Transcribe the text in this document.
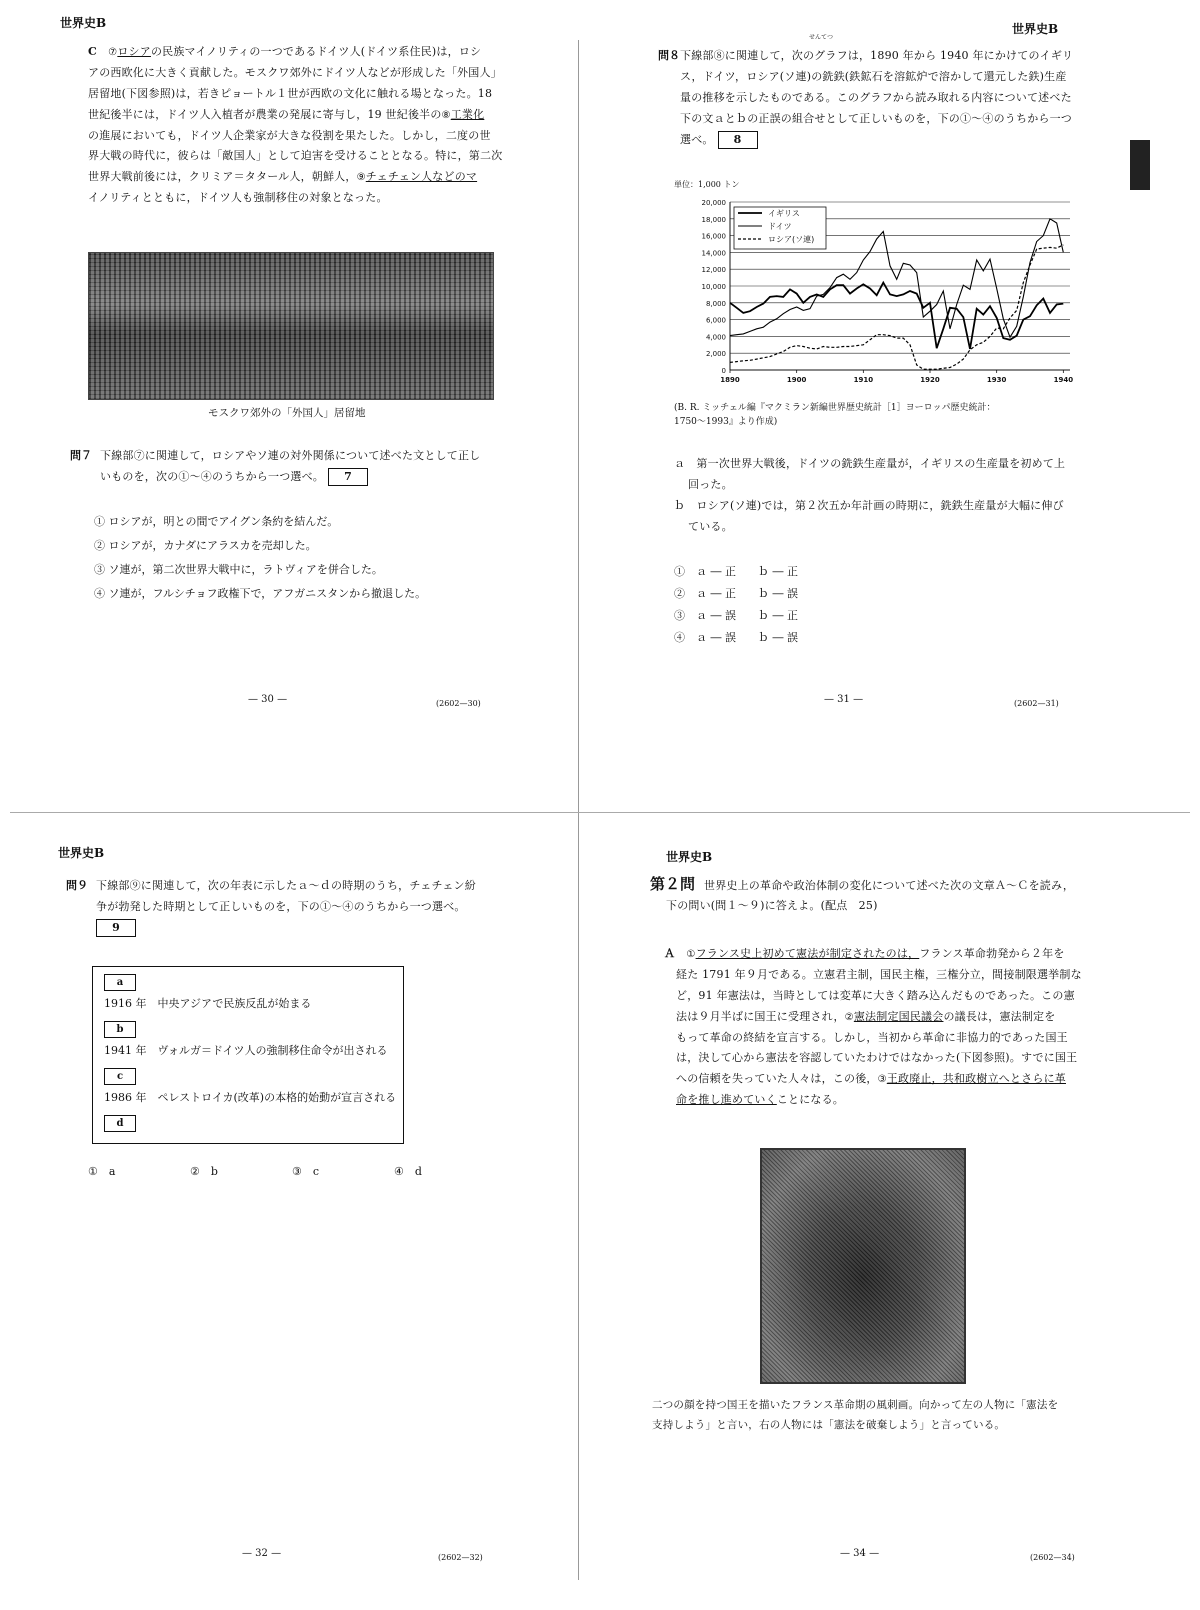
世界史B

C　 ⑦ロシアの民族マイノリティの一つであるドイツ人(ドイツ系住民)は，ロシ

アの西欧化に大きく貢献した。モスクワ郊外にドイツ人などが形成した「外国人」

居留地(下図参照)は，若きピョートル１世が西欧の文化に触れる場となった。18

世紀後半には，ドイツ人入植者が農業の発展に寄与し，19 世紀後半の⑧工業化

の進展においても，ドイツ人企業家が大きな役割を果たした。しかし，二度の世

界大戦の時代に，彼らは「敵国人」として迫害を受けることとなる。特に，第二次

世界大戦前後には，クリミア＝タタール人，朝鮮人，⑨チェチェン人などのマ

イノリティとともに，ドイツ人も強制移住の対象となった。

モスクワ郊外の「外国人」居留地
問７ 下線部⑦に関連して，ロシアやソ連の対外関係について述べた文として正し

いものを，次の①～④のうちから一つ選べ。 7

① ロシアが，明との間でアイグン条約を結んだ。
② ロシアが，カナダにアラスカを売却した。
③ ソ連が，第二次世界大戦中に，ラトヴィアを併合した。
④ ソ連が，フルシチョフ政権下で，アフガニスタンから撤退した。
— 30 —	(2602—30)
世界史B
問８
せんてつ

下線部⑧に関連して，次のグラフは，1890 年から 1940 年にかけてのイギリ

ス，ドイツ，ロシア(ソ連)の銑鉄(鉄鉱石を溶鉱炉で溶かして還元した鉄)生産

量の推移を示したものである。このグラフから読み取れる内容について述べた

下の文ａとｂの正誤の組合せとして正しいものを，下の①～④のうちから一つ

選べ。 8

単位：1,000 トン
0
2,000
4,000
6,000
8,000
10,000
12,000
14,000
16,000
18,000
20,000
1890	1900	1910	1920	1930	1940
イギリス
ドイツ
ロシア(ソ連)
(B. R. ミッチェル編『マクミラン新編世界歴史統計［1］ヨーロッパ歴史統計：
1750～1993』より作成)

ａ　第一次世界大戦後，ドイツの銑鉄生産量が，イギリスの生産量を初めて上

回った。

ｂ　ロシア(ソ連)では，第２次五か年計画の時期に，銑鉄生産量が大幅に伸び

ている。

①　ａ ― 正　　ｂ ― 正
②　ａ ― 正　　ｂ ― 誤
③　ａ ― 誤　　ｂ ― 正
④　ａ ― 誤　　ｂ ― 誤
— 31 —	(2602—31)
世界史B
問９ 下線部⑨に関連して，次の年表に示したａ～ｄの時期のうち，チェチェン紛

争が勃発した時期として正しいものを，下の①～④のうちから一つ選べ。

9

a
1916 年　中央アジアで民族反乱が始まる
b
1941 年　ヴォルガ＝ドイツ人の強制移住命令が出される
c
1986 年　ペレストロイカ(改革)の本格的始動が宣言される
d
①　a	②　b	③　c	④　d
— 32 —	(2602—32)
世界史B
第２問 世界史上の革命や政治体制の変化について述べた次の文章Ａ～Ｃを読み，

下の問い(問１～９)に答えよ。(配点　25)

Ａ　 ①フランス史上初めて憲法が制定されたのは，フランス革命勃発から２年を

経た 1791 年９月である。立憲君主制，国民主権，三権分立，間接制限選挙制な

ど，91 年憲法は，当時としては変革に大きく踏み込んだものであった。この憲

法は９月半ばに国王に受理され，②憲法制定国民議会の議長は，憲法制定を

もって革命の終結を宣言する。しかし，当初から革命に非協力的であった国王

は，決して心から憲法を容認していたわけではなかった(下図参照)。すでに国王

への信頼を失っていた人々は，この後，③王政廃止，共和政樹立へとさらに革

命を推し進めていくことになる。

二つの顔を持つ国王を描いたフランス革命期の風刺画。向かって左の人物に「憲法を

支持しよう」と言い，右の人物には「憲法を破棄しよう」と言っている。

— 34 —	(2602—34)
